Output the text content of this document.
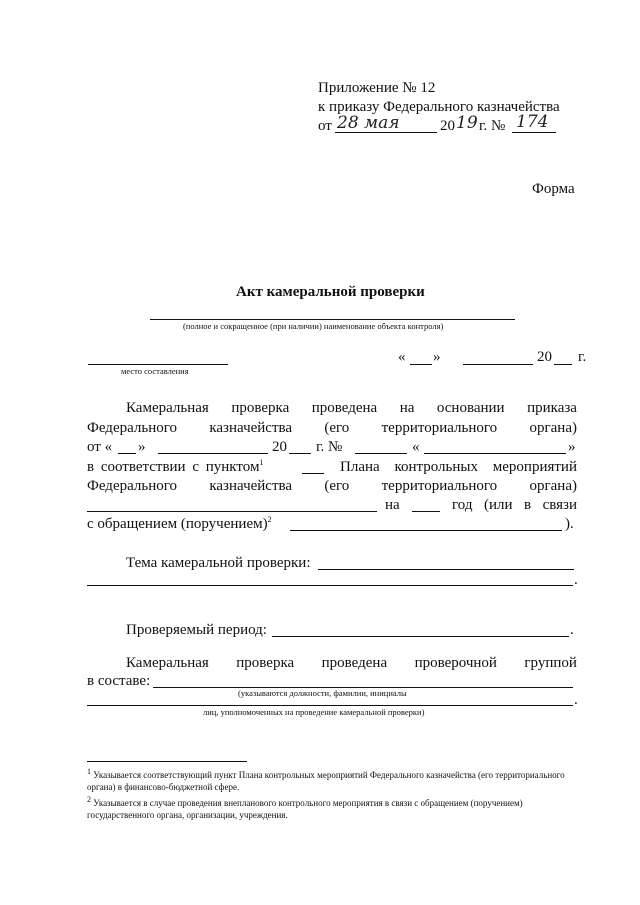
Приложение № 12
к приказу Федерального казначейства
от 28 мая	20 19 г. № 174
Форма
Акт камеральной проверки
(полное и сокращенное (при наличии) наименование объекта контроля)
место составления
« »	20 г.
Камеральная проверка проведена на основании приказа
Федерального казначейства (его территориального органа)
от « »	20 г. №	«	»
в соответствии с пунктом$^1$	Плана контрольных мероприятий
Федерального казначейства (его территориального органа)
на	год (или в связи
с обращением (поручением)$^2$	).
Тема камеральной проверки:
.
Проверяемый период:	.
Камеральная проверка проведена проверочной группой
в составе:
(указываются должности, фамилии, инициалы	.
лиц, уполномоченных на проведение камеральной проверки)
$^1$ Указывается соответствующий пункт Плана контрольных мероприятий Федерального казначейства (его территориального органа) в финансово-бюджетной сфере.
$^2$ Указывается в случае проведения внепланового контрольного мероприятия в связи с обращением (поручением) государственного органа, организации, учреждения.
